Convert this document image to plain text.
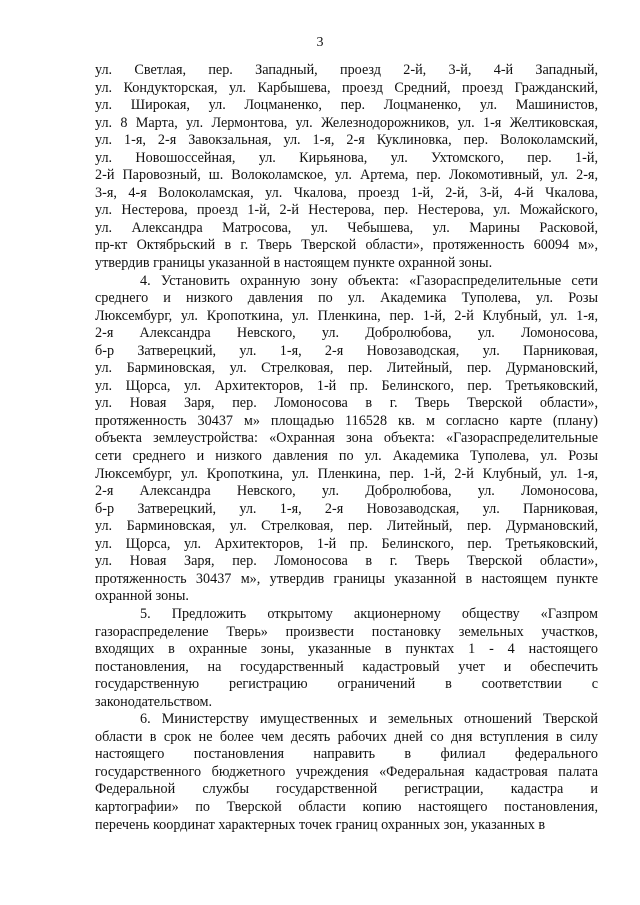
3

ул. Светлая, пер. Западный, проезд 2-й, 3-й, 4-й Западный,
ул. Кондукторская, ул. Карбышева, проезд Средний, проезд Гражданский,
ул. Широкая, ул. Лоцманенко, пер. Лоцманенко, ул. Машинистов,
ул. 8 Марта, ул. Лермонтова, ул. Железнодорожников, ул. 1-я Желтиковская,
ул. 1-я, 2-я Завокзальная, ул. 1-я, 2-я Куклиновка, пер. Волоколамский,
ул. Новошоссейная, ул. Кирьянова, ул. Ухтомского, пер. 1-й,
2-й Паровозный, ш. Волоколамское, ул. Артема, пер. Локомотивный, ул. 2-я,
3-я, 4-я Волоколамская, ул. Чкалова, проезд 1-й, 2-й, 3-й, 4-й Чкалова,
ул. Нестерова, проезд 1-й, 2-й Нестерова, пер. Нестерова, ул. Можайского,
ул. Александра Матросова, ул. Чебышева, ул. Марины Расковой,
пр-кт Октябрьский в г. Тверь Тверской области», протяженность 60094 м»,
утвердив границы указанной в настоящем пункте охранной зоны.

4. Установить охранную зону объекта: «Газораспределительные сети
среднего и низкого давления по ул. Академика Туполева, ул. Розы
Люксембург, ул. Кропоткина, ул. Пленкина, пер. 1-й, 2-й Клубный, ул. 1-я,
2-я Александра Невского, ул. Добролюбова, ул. Ломоносова,
б-р Затверецкий, ул. 1-я, 2-я Новозаводская, ул. Парниковая,
ул. Барминовская, ул. Стрелковая, пер. Литейный, пер. Дурмановский,
ул. Щорса, ул. Архитекторов, 1-й пр. Белинского, пер. Третьяковский,
ул. Новая Заря, пер. Ломоносова в г. Тверь Тверской области»,
протяженность 30437 м» площадью 116528 кв. м согласно карте (плану)
объекта землеустройства: «Охранная зона объекта: «Газораспределительные
сети среднего и низкого давления по ул. Академика Туполева, ул. Розы
Люксембург, ул. Кропоткина, ул. Пленкина, пер. 1-й, 2-й Клубный, ул. 1-я,
2-я Александра Невского, ул. Добролюбова, ул. Ломоносова,
б-р Затверецкий, ул. 1-я, 2-я Новозаводская, ул. Парниковая,
ул. Барминовская, ул. Стрелковая, пер. Литейный, пер. Дурмановский,
ул. Щорса, ул. Архитекторов, 1-й пр. Белинского, пер. Третьяковский,
ул. Новая Заря, пер. Ломоносова в г. Тверь Тверской области»,
протяженность 30437 м», утвердив границы указанной в настоящем пункте
охранной зоны.

5. Предложить открытому акционерному обществу «Газпром
газораспределение Тверь» произвести постановку земельных участков,
входящих в охранные зоны, указанные в пунктах 1 - 4 настоящего
постановления, на государственный кадастровый учет и обеспечить
государственную регистрацию ограничений в соответствии с
законодательством.

6. Министерству имущественных и земельных отношений Тверской
области в срок не более чем десять рабочих дней со дня вступления в силу
настоящего постановления направить в филиал федерального
государственного бюджетного учреждения «Федеральная кадастровая палата
Федеральной службы государственной регистрации, кадастра и
картографии» по Тверской области копию настоящего постановления,
перечень координат характерных точек границ охранных зон, указанных в
